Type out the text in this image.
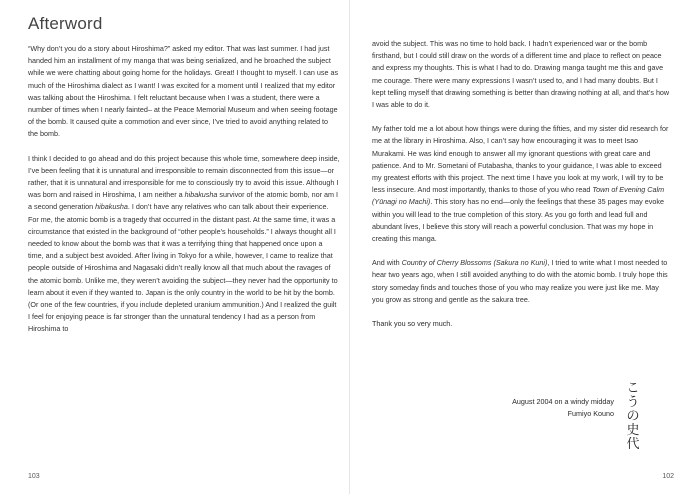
Afterword

“Why don’t you do a story about Hiroshima?” asked my editor. That was last summer. I had just handed him an installment of my manga that was being serialized, and he broached the subject while we were chatting about going home for the holidays. Great! I thought to myself. I can use as much of the Hiroshima dialect as I want! I was excited for a moment until I realized that my editor was talking about the Hiroshima. I felt reluctant because when I was a student, there were a number of times when I nearly fainted– at the Peace Memorial Museum and when seeing footage of the bomb. It caused quite a commotion and ever since, I’ve tried to avoid anything related to the bomb.

I think I decided to go ahead and do this project because this whole time, somewhere deep inside, I’ve been feeling that it is unnatural and irresponsible to remain disconnected from this issue—or rather, that it is unnatural and irresponsible for me to consciously try to avoid this issue. Although I was born and raised in Hiroshima, I am neither a hibakusha survivor of the atomic bomb, nor am I a second generation hibakusha. I don’t have any relatives who can talk about their experience. For me, the atomic bomb is a tragedy that occurred in the distant past. At the same time, it was a circumstance that existed in the background of “other people’s households.” I always thought all I needed to know about the bomb was that it was a terrifying thing that happened once upon a time, and a subject best avoided. After living in Tokyo for a while, however, I came to realize that people outside of Hiroshima and Nagasaki didn’t really know all that much about the ravages of the atomic bomb. Unlike me, they weren’t avoiding the subject—they never had the opportunity to learn about it even if they wanted to. Japan is the only country in the world to be hit by the bomb. (Or one of the few countries, if you include depleted uranium ammunition.) And I realized the guilt I feel for enjoying peace is far stronger than the unnatural tendency I had as a person from Hiroshima to

103

avoid the subject. This was no time to hold back. I hadn’t experienced war or the bomb firsthand, but I could still draw on the words of a different time and place to reflect on peace and express my thoughts. This is what I had to do. Drawing manga taught me this and gave me courage. There were many expressions I wasn’t used to, and I had many doubts. But I kept telling myself that drawing something is better than drawing nothing at all, and that’s how I was able to do it.

My father told me a lot about how things were during the fifties, and my sister did research for me at the library in Hiroshima. Also, I can’t say how encouraging it was to meet Isao Murakami. He was kind enough to answer all my ignorant questions with great care and patience. And to Mr. Sometani of Futabasha, thanks to your guidance, I was able to exceed my greatest efforts with this project. The next time I have you look at my work, I will try to be less insecure. And most importantly, thanks to those of you who read Town of Evening Calm (Yūnagi no Machi). This story has no end—only the feelings that these 35 pages may evoke within you will lead to the true completion of this story. As you go forth and lead full and abundant lives, I believe this story will reach a powerful conclusion. That was my hope in creating this manga.

And with Country of Cherry Blossoms (Sakura no Kuni), I tried to write what I most needed to hear two years ago, when I still avoided anything to do with the atomic bomb. I truly hope this story someday finds and touches those of you who may realize you were just like me. May you grow as strong and gentle as the sakura tree.

Thank you so very much.

August 2004 on a windy midday
Fumiyo Kouno
こ
う
の
史
代
102
